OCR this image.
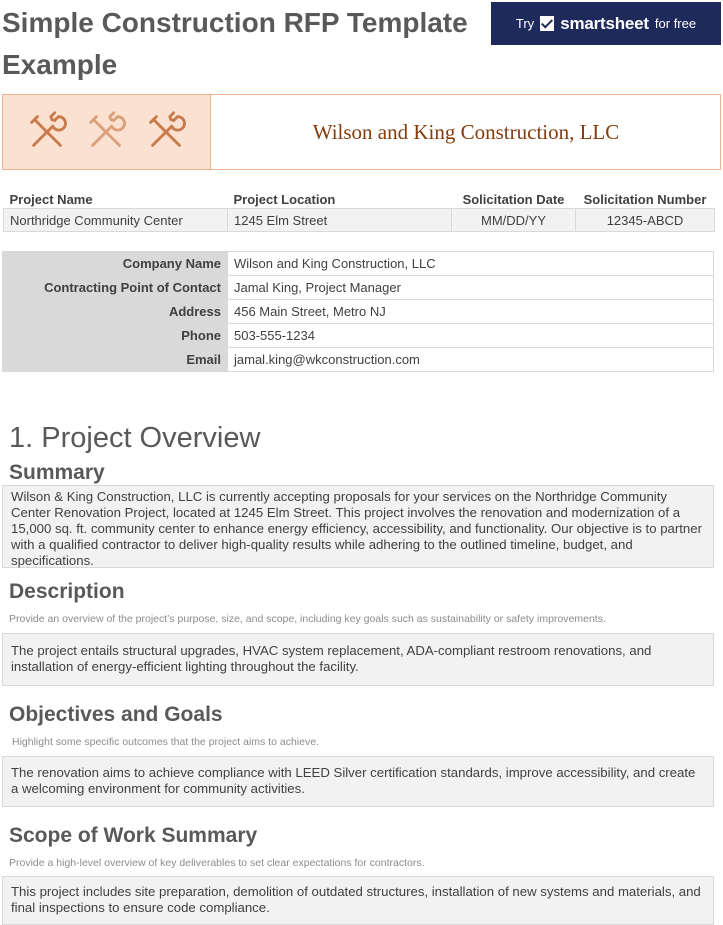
Simple Construction RFP Template Example
Try smartsheet for free
Wilson and King Construction, LLC
Project Name	Project Location	Solicitation Date	Solicitation Number
Northridge Community Center	1245 Elm Street	MM/DD/YY	12345-ABCD
Company Name	Wilson and King Construction, LLC
Contracting Point of Contact	Jamal King, Project Manager
Address	456 Main Street, Metro NJ
Phone	503-555-1234
Email	jamal.king@wkconstruction.com
1. Project Overview
Summary
Wilson & King Construction, LLC is currently accepting proposals for your services on the Northridge Community Center Renovation Project, located at 1245 Elm Street. This project involves the renovation and modernization of a 15,000 sq. ft. community center to enhance energy efficiency, accessibility, and functionality. Our objective is to partner with a qualified contractor to deliver high-quality results while adhering to the outlined timeline, budget, and specifications.
Description
Provide an overview of the project’s purpose, size, and scope, including key goals such as sustainability or safety improvements.
The project entails structural upgrades, HVAC system replacement, ADA-compliant restroom renovations, and installation of energy-efficient lighting throughout the facility.
Objectives and Goals
Highlight some specific outcomes that the project aims to achieve.
The renovation aims to achieve compliance with LEED Silver certification standards, improve accessibility, and create a welcoming environment for community activities.
Scope of Work Summary
Provide a high-level overview of key deliverables to set clear expectations for contractors.
This project includes site preparation, demolition of outdated structures, installation of new systems and materials, and final inspections to ensure code compliance.
